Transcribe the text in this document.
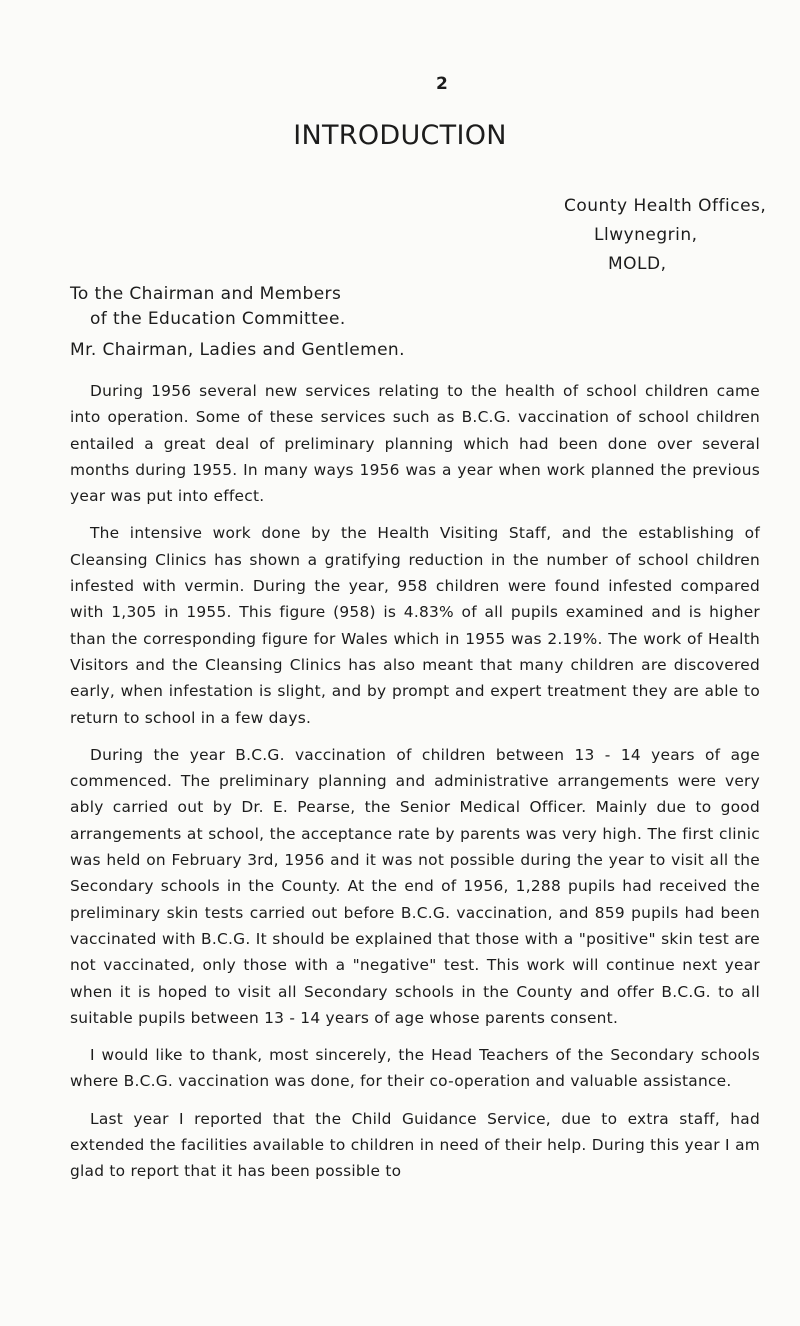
2
INTRODUCTION
County Health Offices,
Llwynegrin,
MOLD,
To the Chairman and Members
of the Education Committee.
Mr. Chairman, Ladies and Gentlemen.

During 1956 several new services relating to the health of school children came into operation. Some of these services such as B.C.G. vaccination of school children entailed a great deal of preliminary planning which had been done over several months during 1955. In many ways 1956 was a year when work planned the previous year was put into effect.

The intensive work done by the Health Visiting Staff, and the establishing of Cleansing Clinics has shown a gratifying reduction in the number of school children infested with vermin. During the year, 958 children were found infested compared with 1,305 in 1955. This figure (958) is 4.83% of all pupils examined and is higher than the corresponding figure for Wales which in 1955 was 2.19%. The work of Health Visitors and the Cleansing Clinics has also meant that many children are discovered early, when infestation is slight, and by prompt and expert treatment they are able to return to school in a few days.

During the year B.C.G. vaccination of children between 13 - 14 years of age commenced. The preliminary planning and administrative arrangements were very ably carried out by Dr. E. Pearse, the Senior Medical Officer. Mainly due to good arrangements at school, the acceptance rate by parents was very high. The first clinic was held on February 3rd, 1956 and it was not possible during the year to visit all the Secondary schools in the County. At the end of 1956, 1,288 pupils had received the preliminary skin tests carried out before B.C.G. vaccination, and 859 pupils had been vaccinated with B.C.G. It should be explained that those with a "positive" skin test are not vaccinated, only those with a "negative" test. This work will continue next year when it is hoped to visit all Secondary schools in the County and offer B.C.G. to all suitable pupils between 13 - 14 years of age whose parents consent.

I would like to thank, most sincerely, the Head Teachers of the Secondary schools where B.C.G. vaccination was done, for their co-operation and valuable assistance.

Last year I reported that the Child Guidance Service, due to extra staff, had extended the facilities available to children in need of their help. During this year I am glad to report that it has been possible to
